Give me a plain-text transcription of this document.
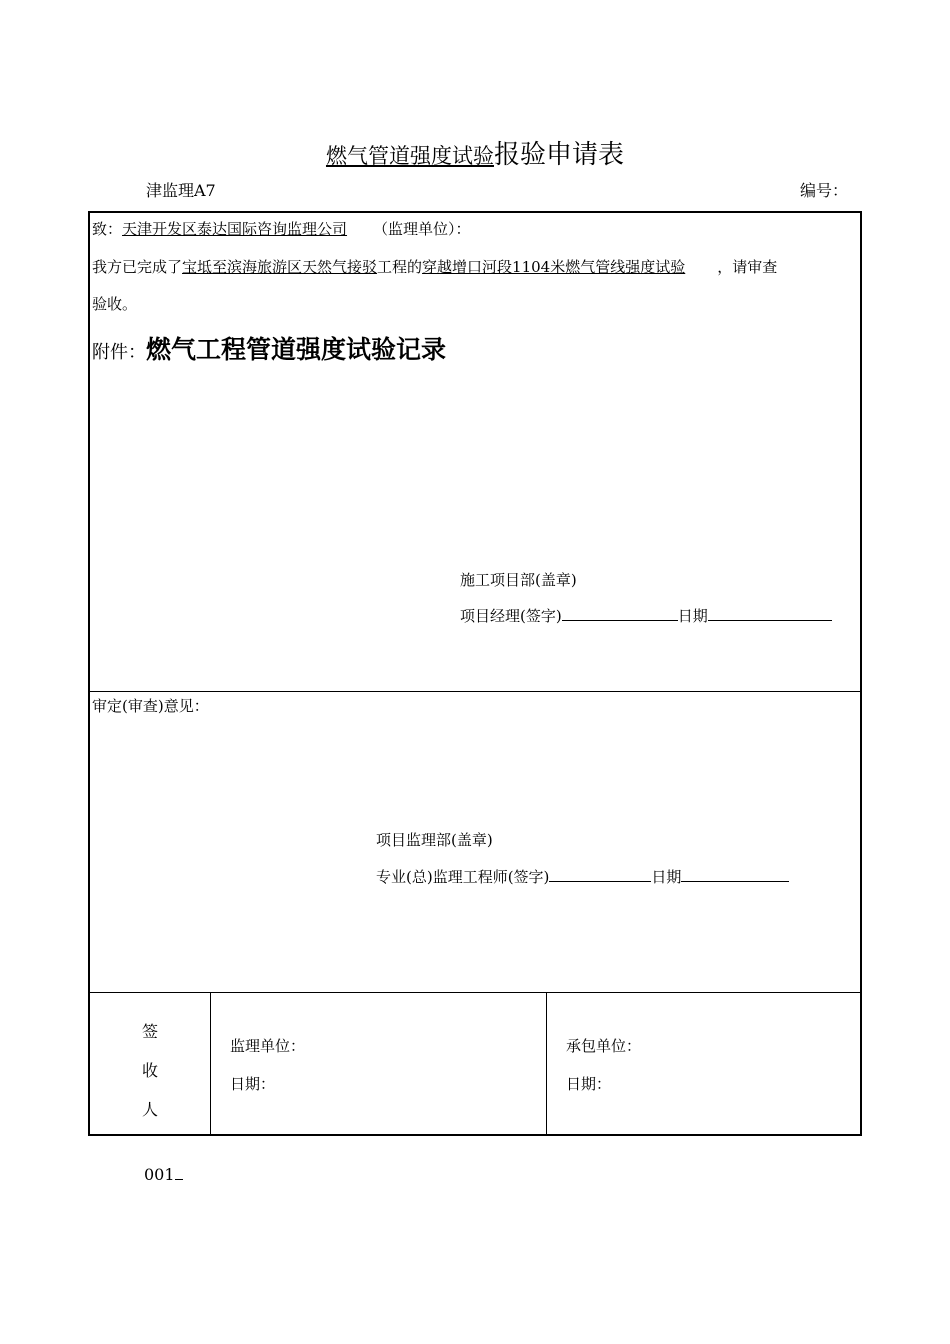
燃气管道强度试验报验申请表
津监理A7	编号：
致：天津开发区泰达国际咨询监理公司 （监理单位）：
我方已完成了宝坻至滨海旅游区天然气接驳工程的穿越增口河段1104米燃气管线强度试验 ，请审查
验收。
附件：燃气工程管道强度试验记录
施工项目部(盖章)
项目经理(签字)	日期
审定(审查)意见：
项目监理部(盖章)
专业(总)监理工程师(签字)	日期
签
收
人
监理单位：
日期：
承包单位：
日期：
001
